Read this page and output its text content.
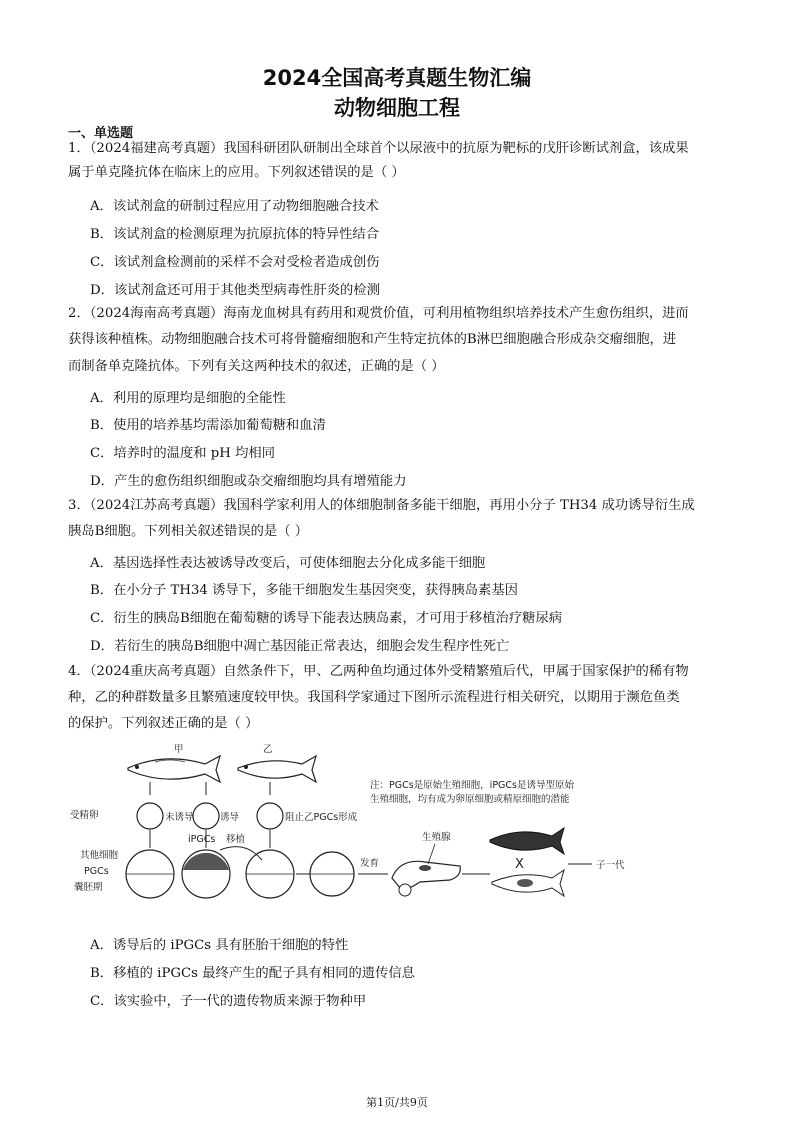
2024全国高考真题生物汇编
动物细胞工程
一、单选题
1．（2024福建高考真题）我国科研团队研制出全球首个以尿液中的抗原为靶标的戊肝诊断试剂盒，该成果
属于单克隆抗体在临床上的应用。下列叙述错误的是（ ）
A．该试剂盒的研制过程应用了动物细胞融合技术
B．该试剂盒的检测原理为抗原抗体的特异性结合
C．该试剂盒检测前的采样不会对受检者造成创伤
D．该试剂盒还可用于其他类型病毒性肝炎的检测
2．（2024海南高考真题）海南龙血树具有药用和观赏价值，可利用植物组织培养技术产生愈伤组织，进而
获得该种植株。动物细胞融合技术可将骨髓瘤细胞和产生特定抗体的B淋巴细胞融合形成杂交瘤细胞，进
而制备单克隆抗体。下列有关这两种技术的叙述，正确的是（ ）
A．利用的原理均是细胞的全能性
B．使用的培养基均需添加葡萄糖和血清
C．培养时的温度和 pH 均相同
D．产生的愈伤组织细胞或杂交瘤细胞均具有增殖能力
3．（2024江苏高考真题）我国科学家利用人的体细胞制备多能干细胞，再用小分子 TH34 成功诱导衍生成
胰岛B细胞。下列相关叙述错误的是（ ）
A．基因选择性表达被诱导改变后，可使体细胞去分化成多能干细胞
B．在小分子 TH34 诱导下，多能干细胞发生基因突变，获得胰岛素基因
C．衍生的胰岛B细胞在葡萄糖的诱导下能表达胰岛素，才可用于移植治疗糖尿病
D．若衍生的胰岛B细胞中凋亡基因能正常表达，细胞会发生程序性死亡
4．（2024重庆高考真题）自然条件下，甲、乙两种鱼均通过体外受精繁殖后代，甲属于国家保护的稀有物
种，乙的种群数量多且繁殖速度较甲快。我国科学家通过下图所示流程进行相关研究，以期用于濒危鱼类
的保护。下列叙述正确的是（ ）
甲	乙
受精卵	未诱导	诱导	阻止乙PGCs形成
注：PGCs是原始生殖细胞，iPGCs是诱导型原始
生殖细胞，均有成为卵原细胞或精原细胞的潜能
其他细胞
PGCs
囊胚期
iPGCs 移植
发育
生殖腺
X	子一代
A．诱导后的 iPGCs 具有胚胎干细胞的特性
B．移植的 iPGCs 最终产生的配子具有相同的遗传信息
C．该实验中，子一代的遗传物质来源于物种甲
第1页/共9页
